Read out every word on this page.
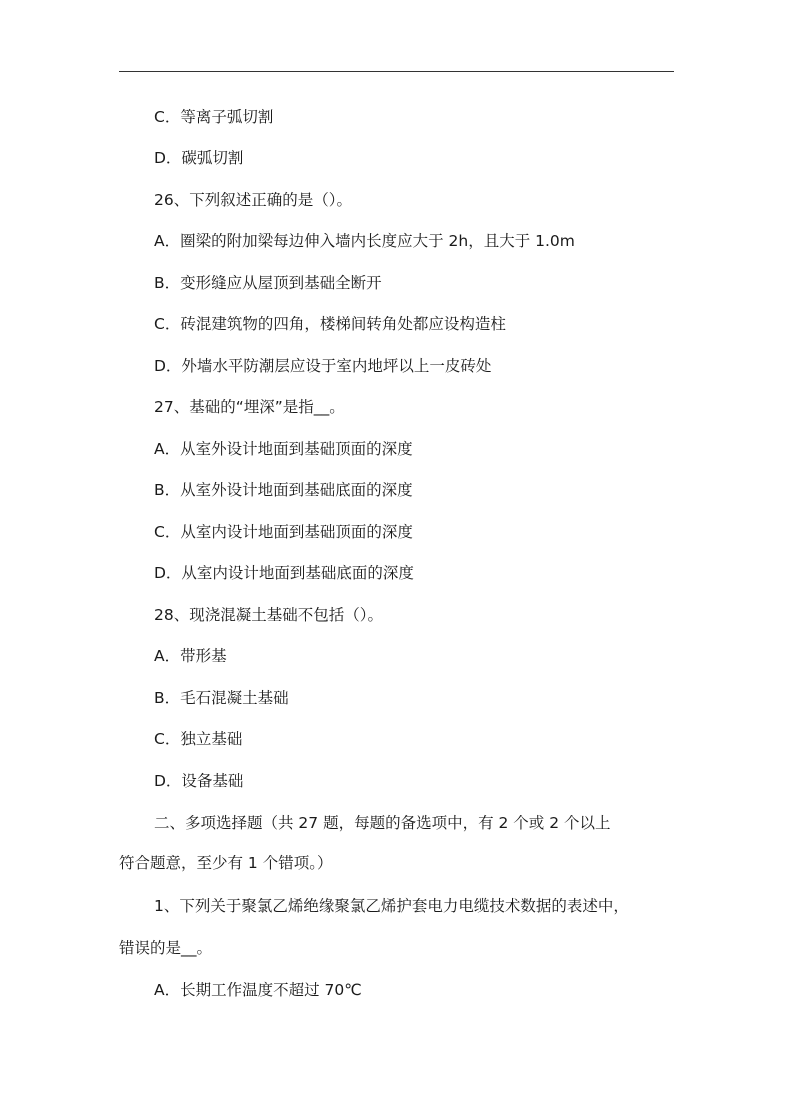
C．等离子弧切割
D．碳弧切割
26、下列叙述正确的是（）。
A．圈梁的附加梁每边伸入墙内长度应大于 2h，且大于 1.0m
B．变形缝应从屋顶到基础全断开
C．砖混建筑物的四角，楼梯间转角处都应设构造柱
D．外墙水平防潮层应设于室内地坪以上一皮砖处
27、基础的“埋深”是指__。
A．从室外设计地面到基础顶面的深度
B．从室外设计地面到基础底面的深度
C．从室内设计地面到基础顶面的深度
D．从室内设计地面到基础底面的深度
28、现浇混凝土基础不包括（）。
A．带形基
B．毛石混凝土基础
C．独立基础
D．设备基础
二、多项选择题（共 27 题，每题的备选项中，有 2 个或 2 个以上
符合题意，至少有 1 个错项。）
1、下列关于聚氯乙烯绝缘聚氯乙烯护套电力电缆技术数据的表述中，
错误的是__。
A．长期工作温度不超过 70℃
